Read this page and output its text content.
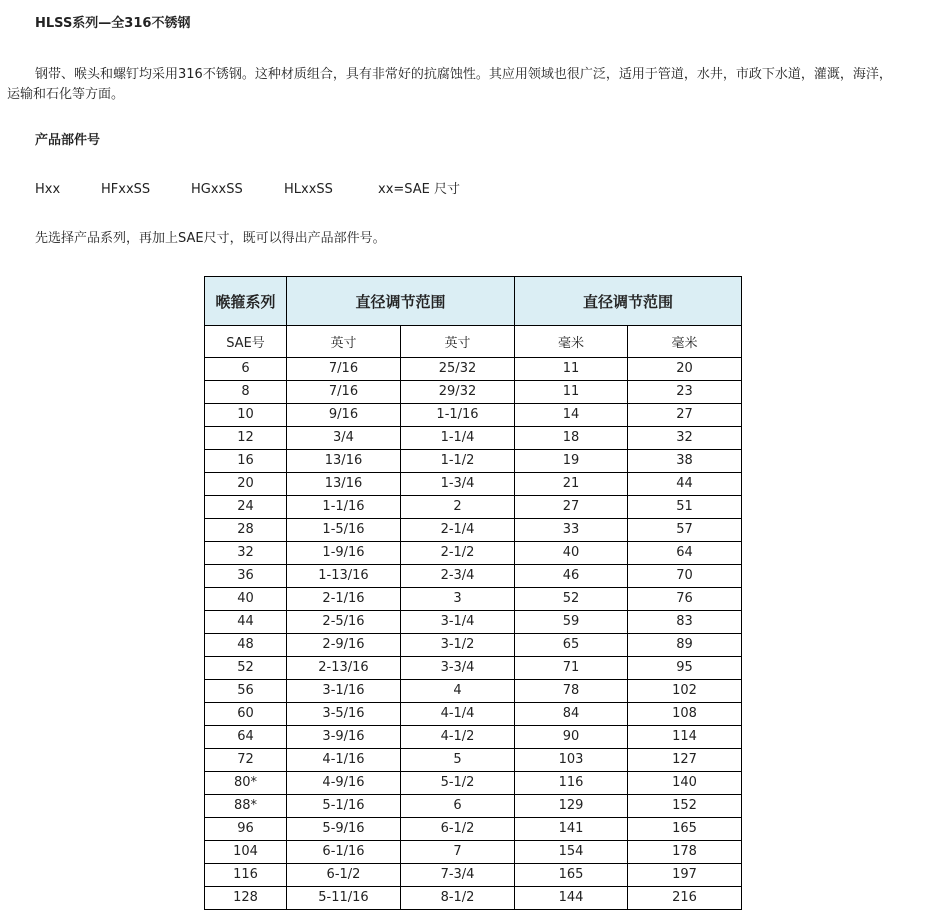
HLSS系列—全316不锈钢
钢带、喉头和螺钉均采用316不锈钢。这种材质组合，具有非常好的抗腐蚀性。其应用领域也很广泛，适用于管道，水井，市政下水道，灌溉，海洋，运输和石化等方面。
产品部件号
Hxx	HFxxSS	HGxxSS	HLxxSS	xx=SAE 尺寸
先选择产品系列，再加上SAE尺寸，既可以得出产品部件号。
喉箍系列	直径调节范围		直径调节范围	
SAE号	英寸	英寸	毫米	毫米
6	7/16	25/32	11	20
8	7/16	29/32	11	23
10	9/16	1-1/16	14	27
12	3/4	1-1/4	18	32
16	13/16	1-1/2	19	38
20	13/16	1-3/4	21	44
24	1-1/16	2	27	51
28	1-5/16	2-1/4	33	57
32	1-9/16	2-1/2	40	64
36	1-13/16	2-3/4	46	70
40	2-1/16	3	52	76
44	2-5/16	3-1/4	59	83
48	2-9/16	3-1/2	65	89
52	2-13/16	3-3/4	71	95
56	3-1/16	4	78	102
60	3-5/16	4-1/4	84	108
64	3-9/16	4-1/2	90	114
72	4-1/16	5	103	127
80*	4-9/16	5-1/2	116	140
88*	5-1/16	6	129	152
96	5-9/16	6-1/2	141	165
104	6-1/16	7	154	178
116	6-1/2	7-3/4	165	197
128	5-11/16	8-1/2	144	216
